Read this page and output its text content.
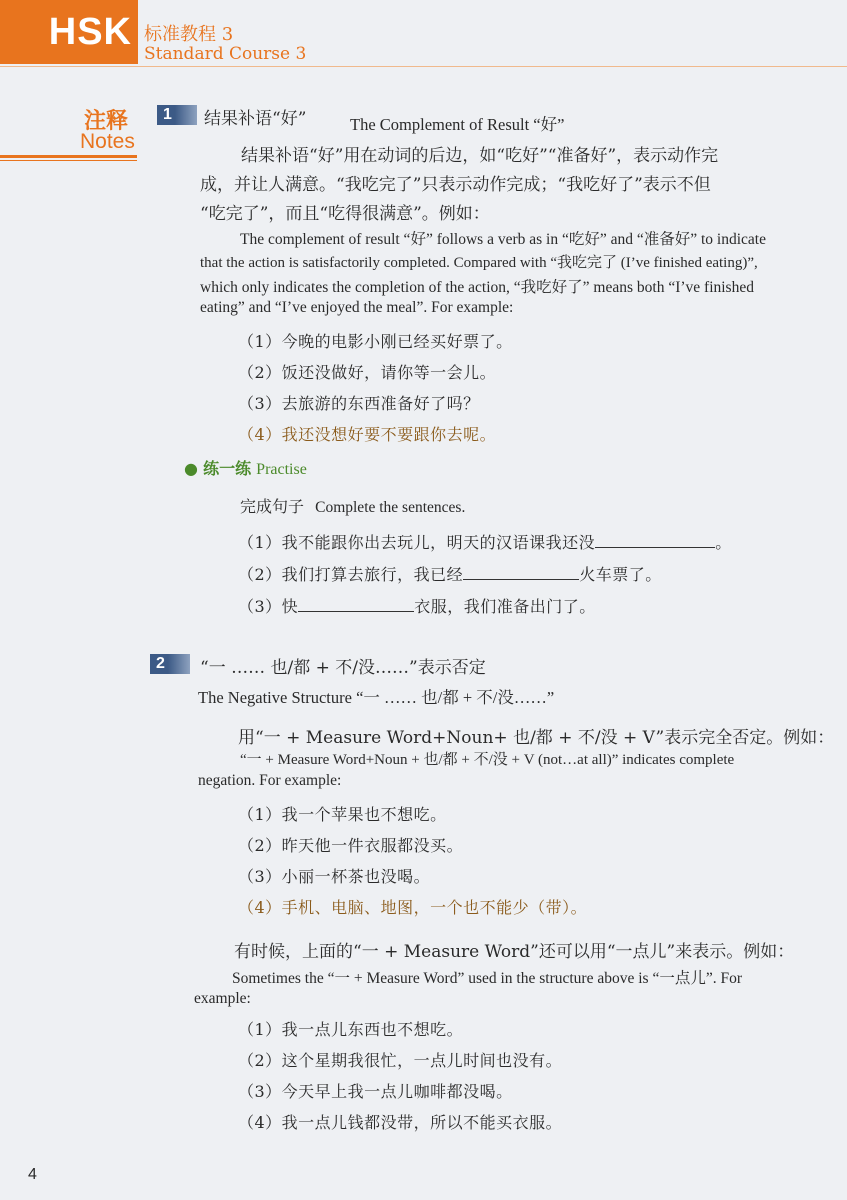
HSK 标准教程 3
Standard Course 3
注释
Notes
1	结果补语“好”	The Complement of Result “好”
结果补语“好”用在动词的后边，如“吃好”“准备好”，表示动作完
成，并让人满意。“我吃完了”只表示动作完成；“我吃好了”表示不但
“吃完了”，而且“吃得很满意”。例如：
The complement of result “好” follows a verb as in “吃好” and “准备好” to indicate
that the action is satisfactorily completed. Compared with “我吃完了 (I’ve finished eating)”,
which only indicates the completion of the action, “我吃好了” means both “I’ve finished
eating” and “I’ve enjoyed the meal”. For example:
（1）今晚的电影小刚已经买好票了。
（2）饭还没做好，请你等一会儿。
（3）去旅游的东西准备好了吗？
（4）我还没想好要不要跟你去呢。
● 练一练 Practise
完成句子 Complete the sentences.
（1）我不能跟你出去玩儿，明天的汉语课我还没	。
（2）我们打算去旅行，我已经	火车票了。
（3）快	衣服，我们准备出门了。
2	“一 …… 也/都 + 不/没……”表示否定
The Negative Structure “一 …… 也/都 + 不/没……”
用“一 + Measure Word+Noun+ 也/都 + 不/没 + V”表示完全否定。例如：
“一 + Measure Word+Noun + 也/都 + 不/没 + V (not…at all)” indicates complete
negation. For example:
（1）我一个苹果也不想吃。
（2）昨天他一件衣服都没买。
（3）小丽一杯茶也没喝。
（4）手机、电脑、地图，一个也不能少（带）。
有时候，上面的“一 + Measure Word”还可以用“一点儿”来表示。例如：
Sometimes the “一 + Measure Word” used in the structure above is “一点儿”. For
example:
（1）我一点儿东西也不想吃。
（2）这个星期我很忙，一点儿时间也没有。
（3）今天早上我一点儿咖啡都没喝。
（4）我一点儿钱都没带，所以不能买衣服。
4
